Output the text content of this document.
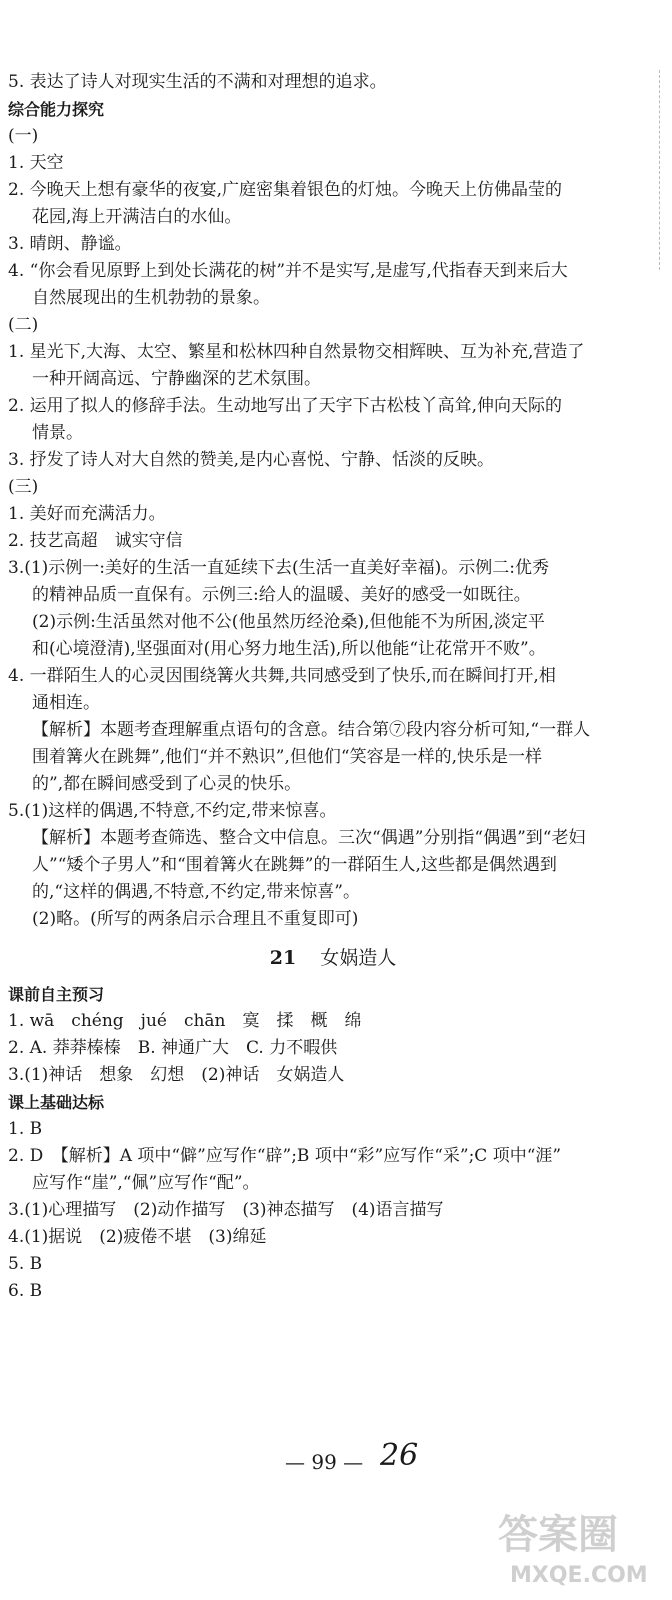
5. 表达了诗人对现实生活的不满和对理想的追求。
综合能力探究
(一)
1. 天空
2. 今晚天上想有豪华的夜宴,广庭密集着银色的灯烛。今晚天上仿佛晶莹的
花园,海上开满洁白的水仙。
3. 晴朗、静谧。
4. “你会看见原野上到处长满花的树”并不是实写,是虚写,代指春天到来后大
自然展现出的生机勃勃的景象。
(二)
1. 星光下,大海、太空、繁星和松林四种自然景物交相辉映、互为补充,营造了
一种开阔高远、宁静幽深的艺术氛围。
2. 运用了拟人的修辞手法。生动地写出了天宇下古松枝丫高耸,伸向天际的
情景。
3. 抒发了诗人对大自然的赞美,是内心喜悦、宁静、恬淡的反映。
(三)
1. 美好而充满活力。
2. 技艺高超　诚实守信
3.(1)示例一:美好的生活一直延续下去(生活一直美好幸福)。示例二:优秀
的精神品质一直保有。示例三:给人的温暖、美好的感受一如既往。
(2)示例:生活虽然对他不公(他虽然历经沧桑),但他能不为所困,淡定平
和(心境澄清),坚强面对(用心努力地生活),所以他能“让花常开不败”。
4. 一群陌生人的心灵因围绕篝火共舞,共同感受到了快乐,而在瞬间打开,相
通相连。
【解析】本题考查理解重点语句的含意。结合第⑦段内容分析可知,“一群人
围着篝火在跳舞”,他们“并不熟识”,但他们“笑容是一样的,快乐是一样
的”,都在瞬间感受到了心灵的快乐。
5.(1)这样的偶遇,不特意,不约定,带来惊喜。
【解析】本题考查筛选、整合文中信息。三次“偶遇”分别指“偶遇”到“老妇
人”“矮个子男人”和“围着篝火在跳舞”的一群陌生人,这些都是偶然遇到
的,“这样的偶遇,不特意,不约定,带来惊喜”。
(2)略。(所写的两条启示合理且不重复即可)
21 女娲造人
课前自主预习
1. wā　chéng　jué　chān　寞　揉　概　绵
2. A. 莽莽榛榛　B. 神通广大　C. 力不暇供
3.(1)神话　想象　幻想　(2)神话　女娲造人
课上基础达标
1. B
2. D　【解析】A 项中“僻”应写作“辟”;B 项中“彩”应写作“采”;C 项中“涯”
应写作“崖”,“佩”应写作“配”。
3.(1)心理描写　(2)动作描写　(3)神态描写　(4)语言描写
4.(1)据说　(2)疲倦不堪　(3)绵延
5. B
6. B
— 99 — 26
答案圈
MXQE.COM
